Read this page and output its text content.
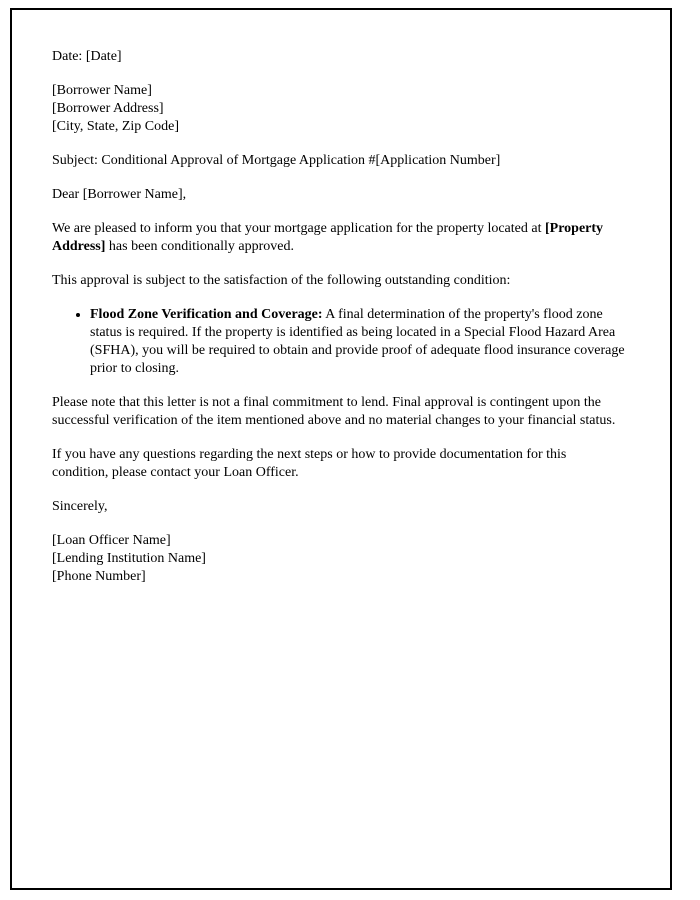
Date: [Date]

[Borrower Name]
[Borrower Address]
[City, State, Zip Code]

Subject: Conditional Approval of Mortgage Application #[Application Number]

Dear [Borrower Name],

We are pleased to inform you that your mortgage application for the property located at [Property Address] has been conditionally approved.

This approval is subject to the satisfaction of the following outstanding condition:

• Flood Zone Verification and Coverage: A final determination of the property's flood zone status is required. If the property is identified as being located in a Special Flood Hazard Area (SFHA), you will be required to obtain and provide proof of adequate flood insurance coverage prior to closing.

Please note that this letter is not a final commitment to lend. Final approval is contingent upon the successful verification of the item mentioned above and no material changes to your financial status.

If you have any questions regarding the next steps or how to provide documentation for this condition, please contact your Loan Officer.

Sincerely,

[Loan Officer Name]
[Lending Institution Name]
[Phone Number]
